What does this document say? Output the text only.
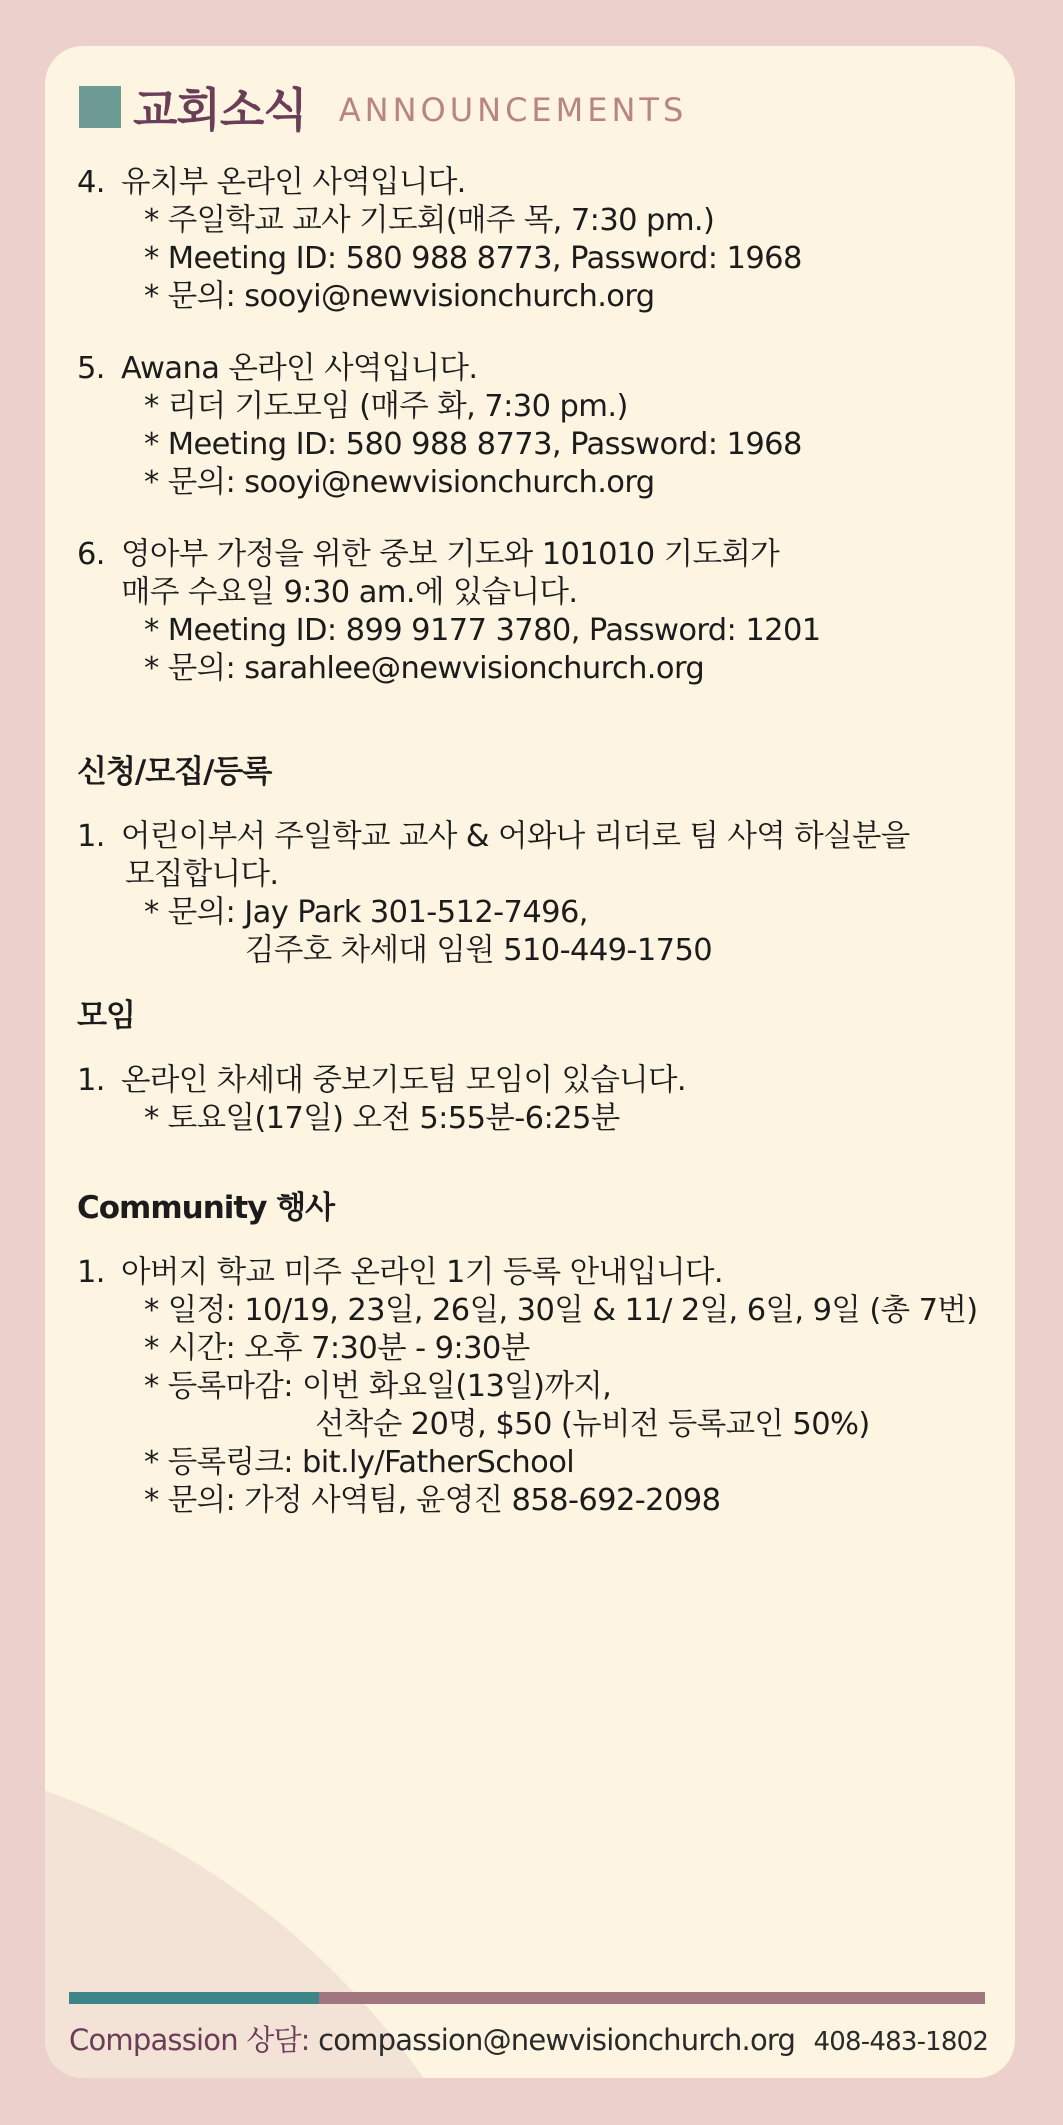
교회소식 ANNOUNCEMENTS
4. 유치부 온라인 사역입니다.
* 주일학교 교사 기도회(매주 목, 7:30 pm.)
* Meeting ID: 580 988 8773, Password: 1968
* 문의: sooyi@newvisionchurch.org
5. Awana 온라인 사역입니다.
* 리더 기도모임 (매주 화, 7:30 pm.)
* Meeting ID: 580 988 8773, Password: 1968
* 문의: sooyi@newvisionchurch.org
6. 영아부 가정을 위한 중보 기도와 101010 기도회가
매주 수요일 9:30 am.에 있습니다.
* Meeting ID: 899 9177 3780, Password: 1201
* 문의: sarahlee@newvisionchurch.org
신청/모집/등록
1. 어린이부서 주일학교 교사 & 어와나 리더로 팀 사역 하실분을
모집합니다.
* 문의: Jay Park 301-512-7496,
김주호 차세대 임원 510-449-1750
모임
1. 온라인 차세대 중보기도팀 모임이 있습니다.
* 토요일(17일) 오전 5:55분-6:25분
Community 행사
1. 아버지 학교 미주 온라인 1기 등록 안내입니다.
* 일정: 10/19, 23일, 26일, 30일 & 11/ 2일, 6일, 9일 (총 7번)
* 시간: 오후 7:30분 - 9:30분
* 등록마감: 이번 화요일(13일)까지,
선착순 20명, $50 (뉴비전 등록교인 50%)
* 등록링크: bit.ly/FatherSchool
* 문의: 가정 사역팀, 윤영진 858-692-2098
Compassion 상담: compassion@newvisionchurch.org 408-483-1802
